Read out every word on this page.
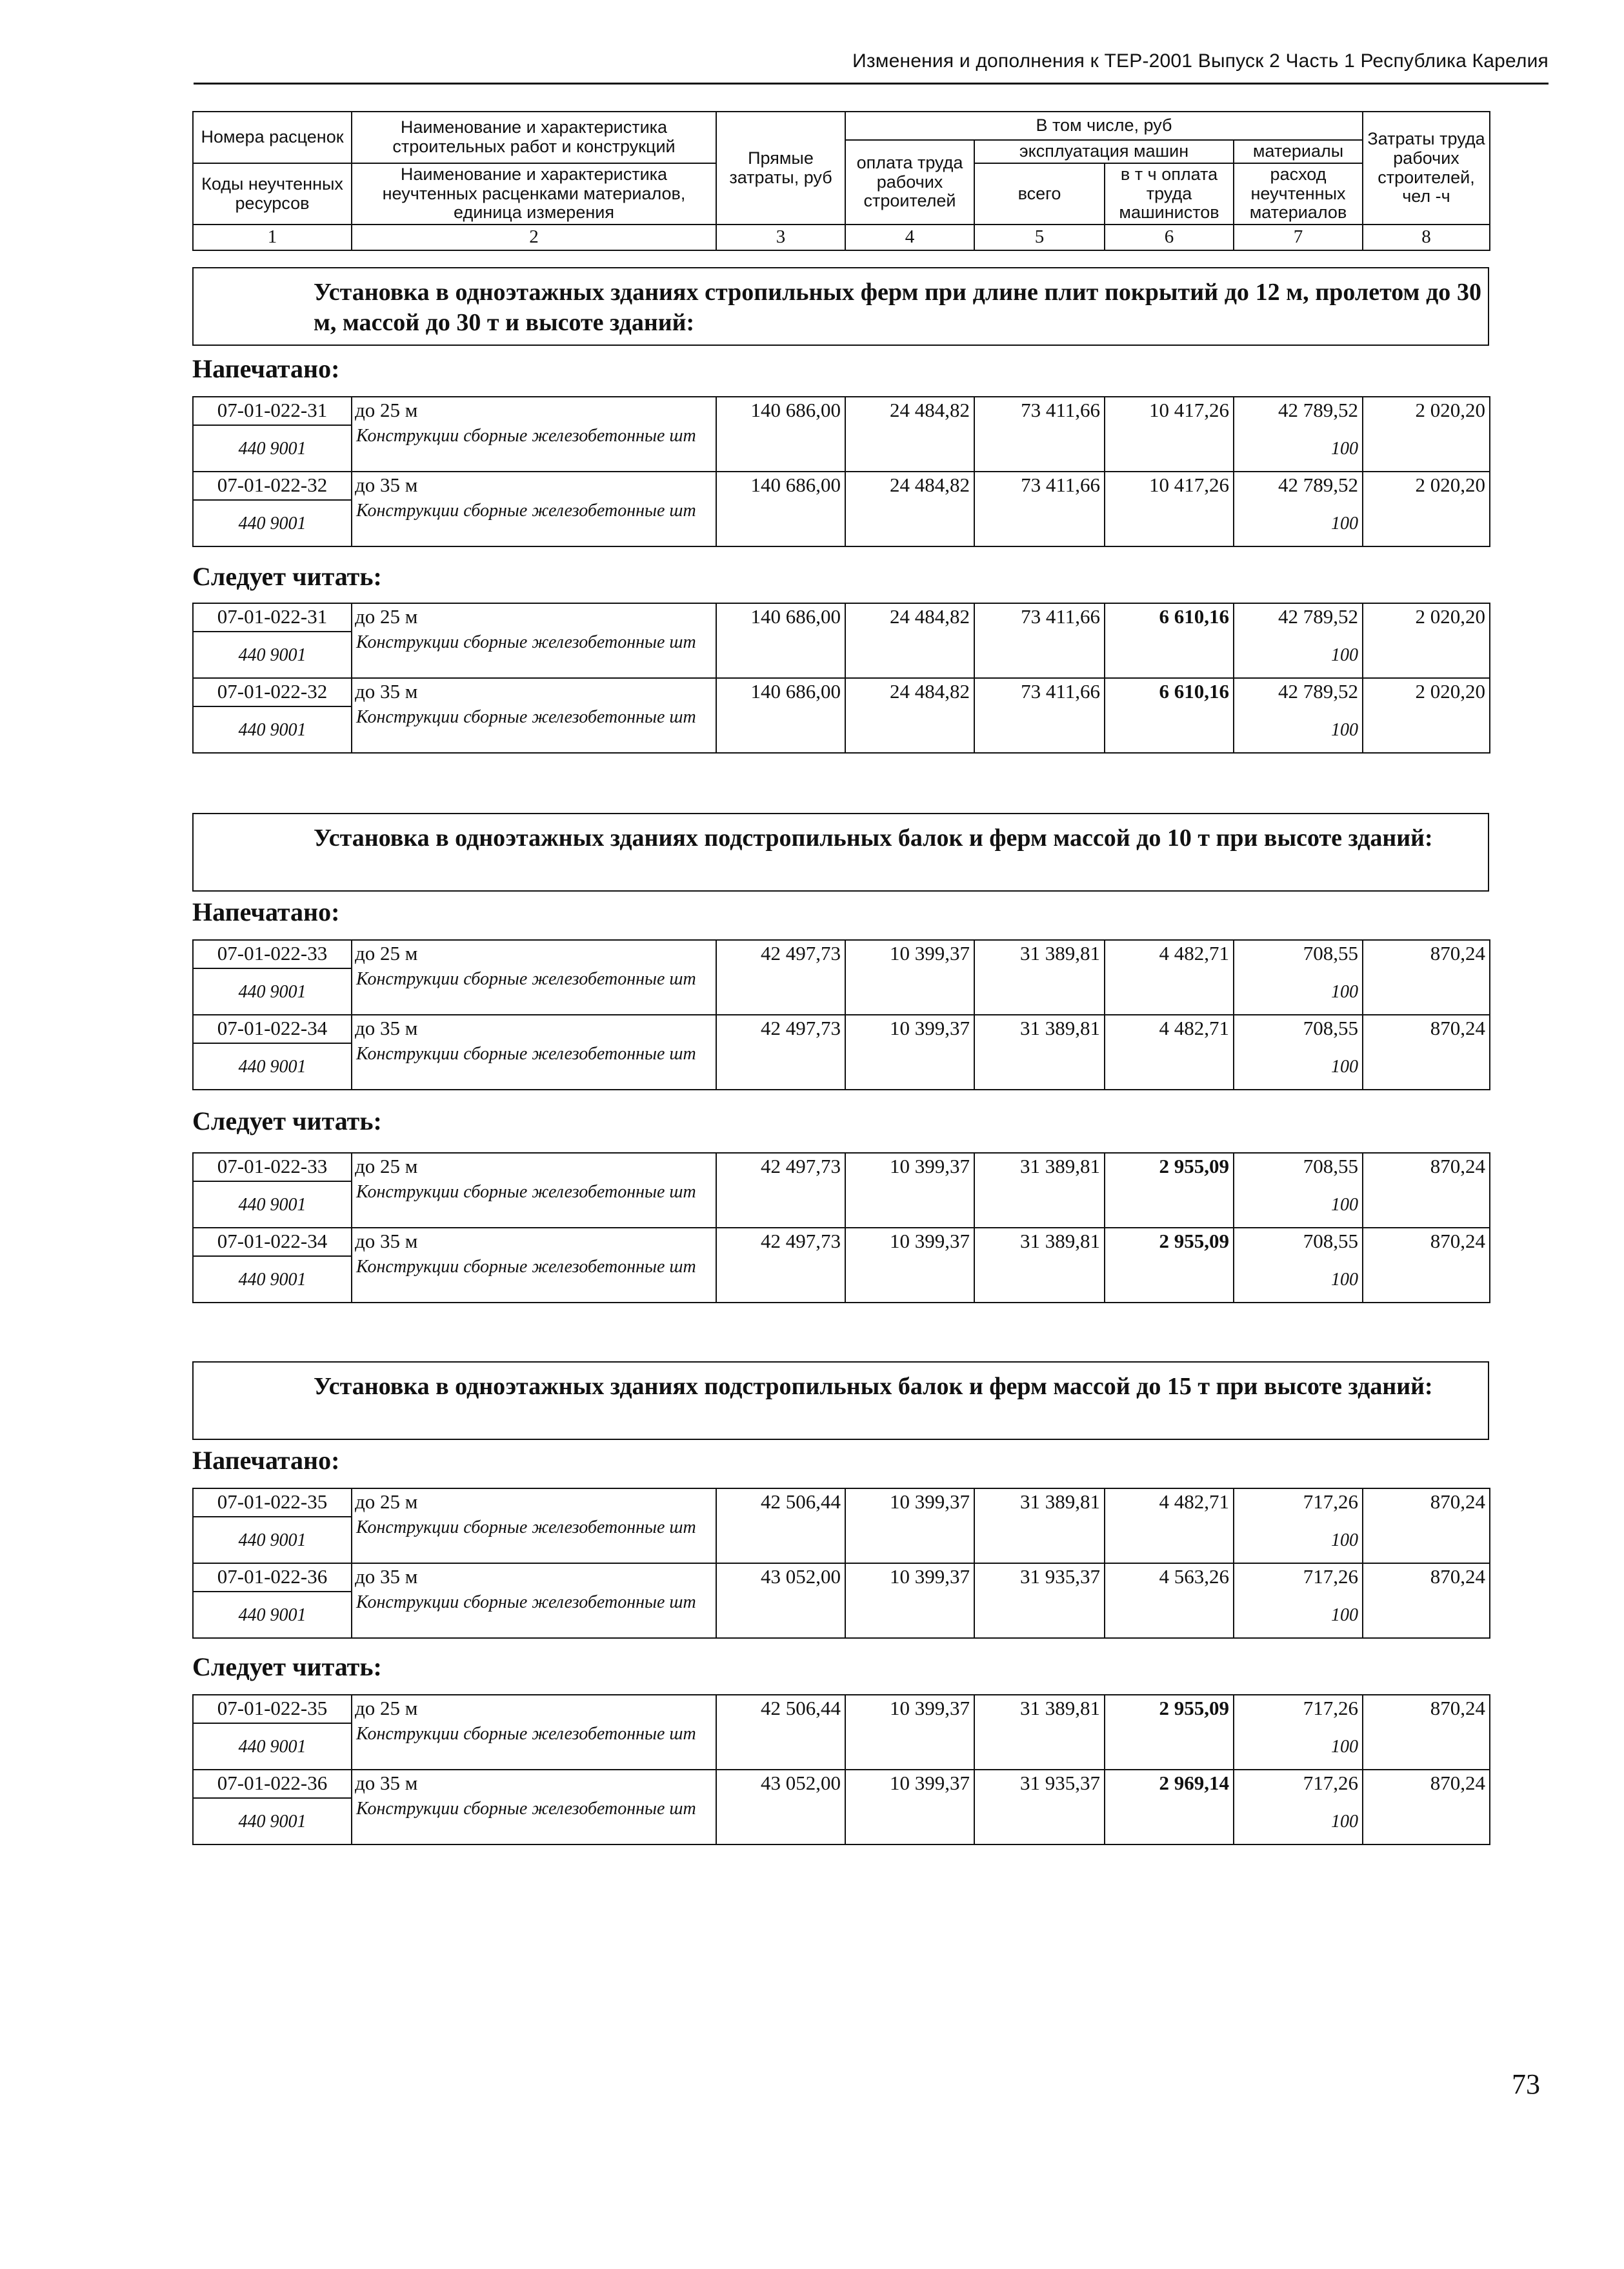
Изменения и дополнения к ТЕР-2001 Выпуск 2 Часть 1 Республика Карелия
Номера расценок	Наименование и характеристика строительных работ и конструкций	Прямые затраты, руб	В том числе, руб				Затраты труда рабочих строителей, чел -ч
			оплата труда рабочих строителей	эксплуатация машин		материалы	
Коды неучтенных ресурсов	Наименование и характеристика неучтенных расценками материалов, единица измерения			всего	в т ч оплата труда машинистов	расход неучтенных материалов	

1	2	3	4	5	6	7	8
Установка в одноэтажных зданиях стропильных ферм при длине плит покрытий до 12 м, пролетом до 30 м, массой до 30 т и высоте зданий:
Напечатано:
07-01-022-31	до 25 м	140 686,00	24 484,82	73 411,66	10 417,26	42 789,52	2 020,20
440 9001	Конструкции сборные железобетонные шт					100	
07-01-022-32	до 35 м	140 686,00	24 484,82	73 411,66	10 417,26	42 789,52	2 020,20
440 9001	Конструкции сборные железобетонные шт					100	
Следует читать:
07-01-022-31	до 25 м	140 686,00	24 484,82	73 411,66	6 610,16	42 789,52	2 020,20
440 9001	Конструкции сборные железобетонные шт					100	
07-01-022-32	до 35 м	140 686,00	24 484,82	73 411,66	6 610,16	42 789,52	2 020,20
440 9001	Конструкции сборные железобетонные шт					100	
Установка в одноэтажных зданиях подстропильных балок и ферм массой до 10 т при высоте зданий:
Напечатано:
07-01-022-33	до 25 м	42 497,73	10 399,37	31 389,81	4 482,71	708,55	870,24
440 9001	Конструкции сборные железобетонные шт					100	
07-01-022-34	до 35 м	42 497,73	10 399,37	31 389,81	4 482,71	708,55	870,24
440 9001	Конструкции сборные железобетонные шт					100	
Следует читать:
07-01-022-33	до 25 м	42 497,73	10 399,37	31 389,81	2 955,09	708,55	870,24
440 9001	Конструкции сборные железобетонные шт					100	
07-01-022-34	до 35 м	42 497,73	10 399,37	31 389,81	2 955,09	708,55	870,24
440 9001	Конструкции сборные железобетонные шт					100	
Установка в одноэтажных зданиях подстропильных балок и ферм массой до 15 т при высоте зданий:
Напечатано:
07-01-022-35	до 25 м	42 506,44	10 399,37	31 389,81	4 482,71	717,26	870,24
440 9001	Конструкции сборные железобетонные шт					100	
07-01-022-36	до 35 м	43 052,00	10 399,37	31 935,37	4 563,26	717,26	870,24
440 9001	Конструкции сборные железобетонные шт					100	
Следует читать:
07-01-022-35	до 25 м	42 506,44	10 399,37	31 389,81	2 955,09	717,26	870,24
440 9001	Конструкции сборные железобетонные шт					100	
07-01-022-36	до 35 м	43 052,00	10 399,37	31 935,37	2 969,14	717,26	870,24
440 9001	Конструкции сборные железобетонные шт					100	
73
